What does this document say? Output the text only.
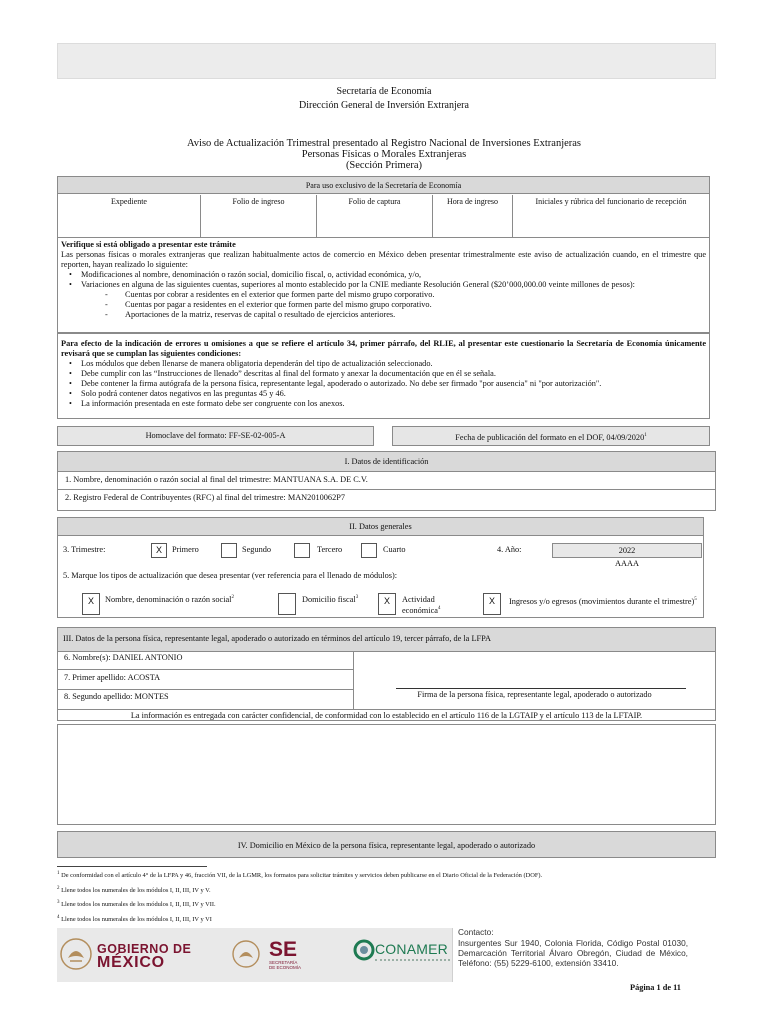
Secretaría de Economía
Dirección General de Inversión Extranjera
Aviso de Actualización Trimestral presentado al Registro Nacional de Inversiones Extranjeras
Personas Físicas o Morales Extranjeras
(Sección Primera)
Para uso exclusivo de la Secretaría de Economía
Expediente	Folio de ingreso	Folio de captura	Hora de ingreso	Iniciales y rúbrica del funcionario de recepción
Verifique si está obligado a presentar este trámite
Las personas físicas o morales extranjeras que realizan habitualmente actos de comercio en México deben presentar trimestralmente este aviso de actualización cuando, en el trimestre que reporten, hayan realizado lo siguiente:
• Modificaciones al nombre, denominación o razón social, domicilio fiscal, o, actividad económica, y/o,
• Variaciones en alguna de las siguientes cuentas, superiores al monto establecido por la CNIE mediante Resolución General ($20’000,000.00 veinte millones de pesos):
- Cuentas por cobrar a residentes en el exterior que formen parte del mismo grupo corporativo.
- Cuentas por pagar a residentes en el exterior que formen parte del mismo grupo corporativo.
- Aportaciones de la matriz, reservas de capital o resultado de ejercicios anteriores.
Para efecto de la indicación de errores u omisiones a que se refiere el artículo 34, primer párrafo, del RLIE, al presentar este cuestionario la Secretaría de Economía únicamente revisará que se cumplan las siguientes condiciones:
• Los módulos que deben llenarse de manera obligatoria dependerán del tipo de actualización seleccionado.
• Debe cumplir con las “Instrucciones de llenado” descritas al final del formato y anexar la documentación que en él se señala.
• Debe contener la firma autógrafa de la persona física, representante legal, apoderado o autorizado. No debe ser firmado "por ausencia" ni "por autorización".
• Solo podrá contener datos negativos en las preguntas 45 y 46.
• La información presentada en este formato debe ser congruente con los anexos.
Homoclave del formato: FF-SE-02-005-A	Fecha de publicación del formato en el DOF, 04/09/2020$^1$
I. Datos de identificación
1. Nombre, denominación o razón social al final del trimestre: MANTUANA S.A. DE C.V.
2. Registro Federal de Contribuyentes (RFC) al final del trimestre: MAN2010062P7
II. Datos generales
3. Trimestre:	X	Primero	Segundo	Tercero	Cuarto	4. Año:	2022
AAAA
5. Marque los tipos de actualización que desea presentar (ver referencia para el llenado de módulos):
X	Nombre, denominación o razón social$^2$	Domicilio fiscal$^3$	X	Actividad económica$^4$
X	Ingresos y/o egresos (movimientos durante el trimestre)$^5$
III. Datos de la persona física, representante legal, apoderado o autorizado en términos del artículo 19, tercer párrafo, de la LFPA
6. Nombre(s): DANIEL ANTONIO
7. Primer apellido: ACOSTA
8. Segundo apellido: MONTES	Firma de la persona física, representante legal, apoderado o autorizado
La información es entregada con carácter confidencial, de conformidad con lo establecido en el artículo 116 de la LGTAIP y el artículo 113 de la LFTAIP.
IV. Domicilio en México de la persona física, representante legal, apoderado o autorizado
$^1$ De conformidad con el artículo 4° de la LFPA y 46, fracción VII, de la LGMR, los formatos para solicitar trámites y servicios deben publicarse en el Diario Oficial de la Federación (DOF).
$^2$ Llene todos los numerales de los módulos I, II, III, IV y V.
$^3$ Llene todos los numerales de los módulos I, II, III, IV y VII.
$^4$ Llene todos los numerales de los módulos I, II, III, IV y VI
GOBIERNO DE
MÉXICO
SE
SECRETARÍA
DE ECONOMÍA
CONAMER
Contacto:
Insurgentes Sur 1940, Colonia Florida, Código Postal 01030, Demarcación Territorial Álvaro Obregón, Ciudad de México, Teléfono: (55) 5229-6100, extensión 33410.
Página 1 de 11
